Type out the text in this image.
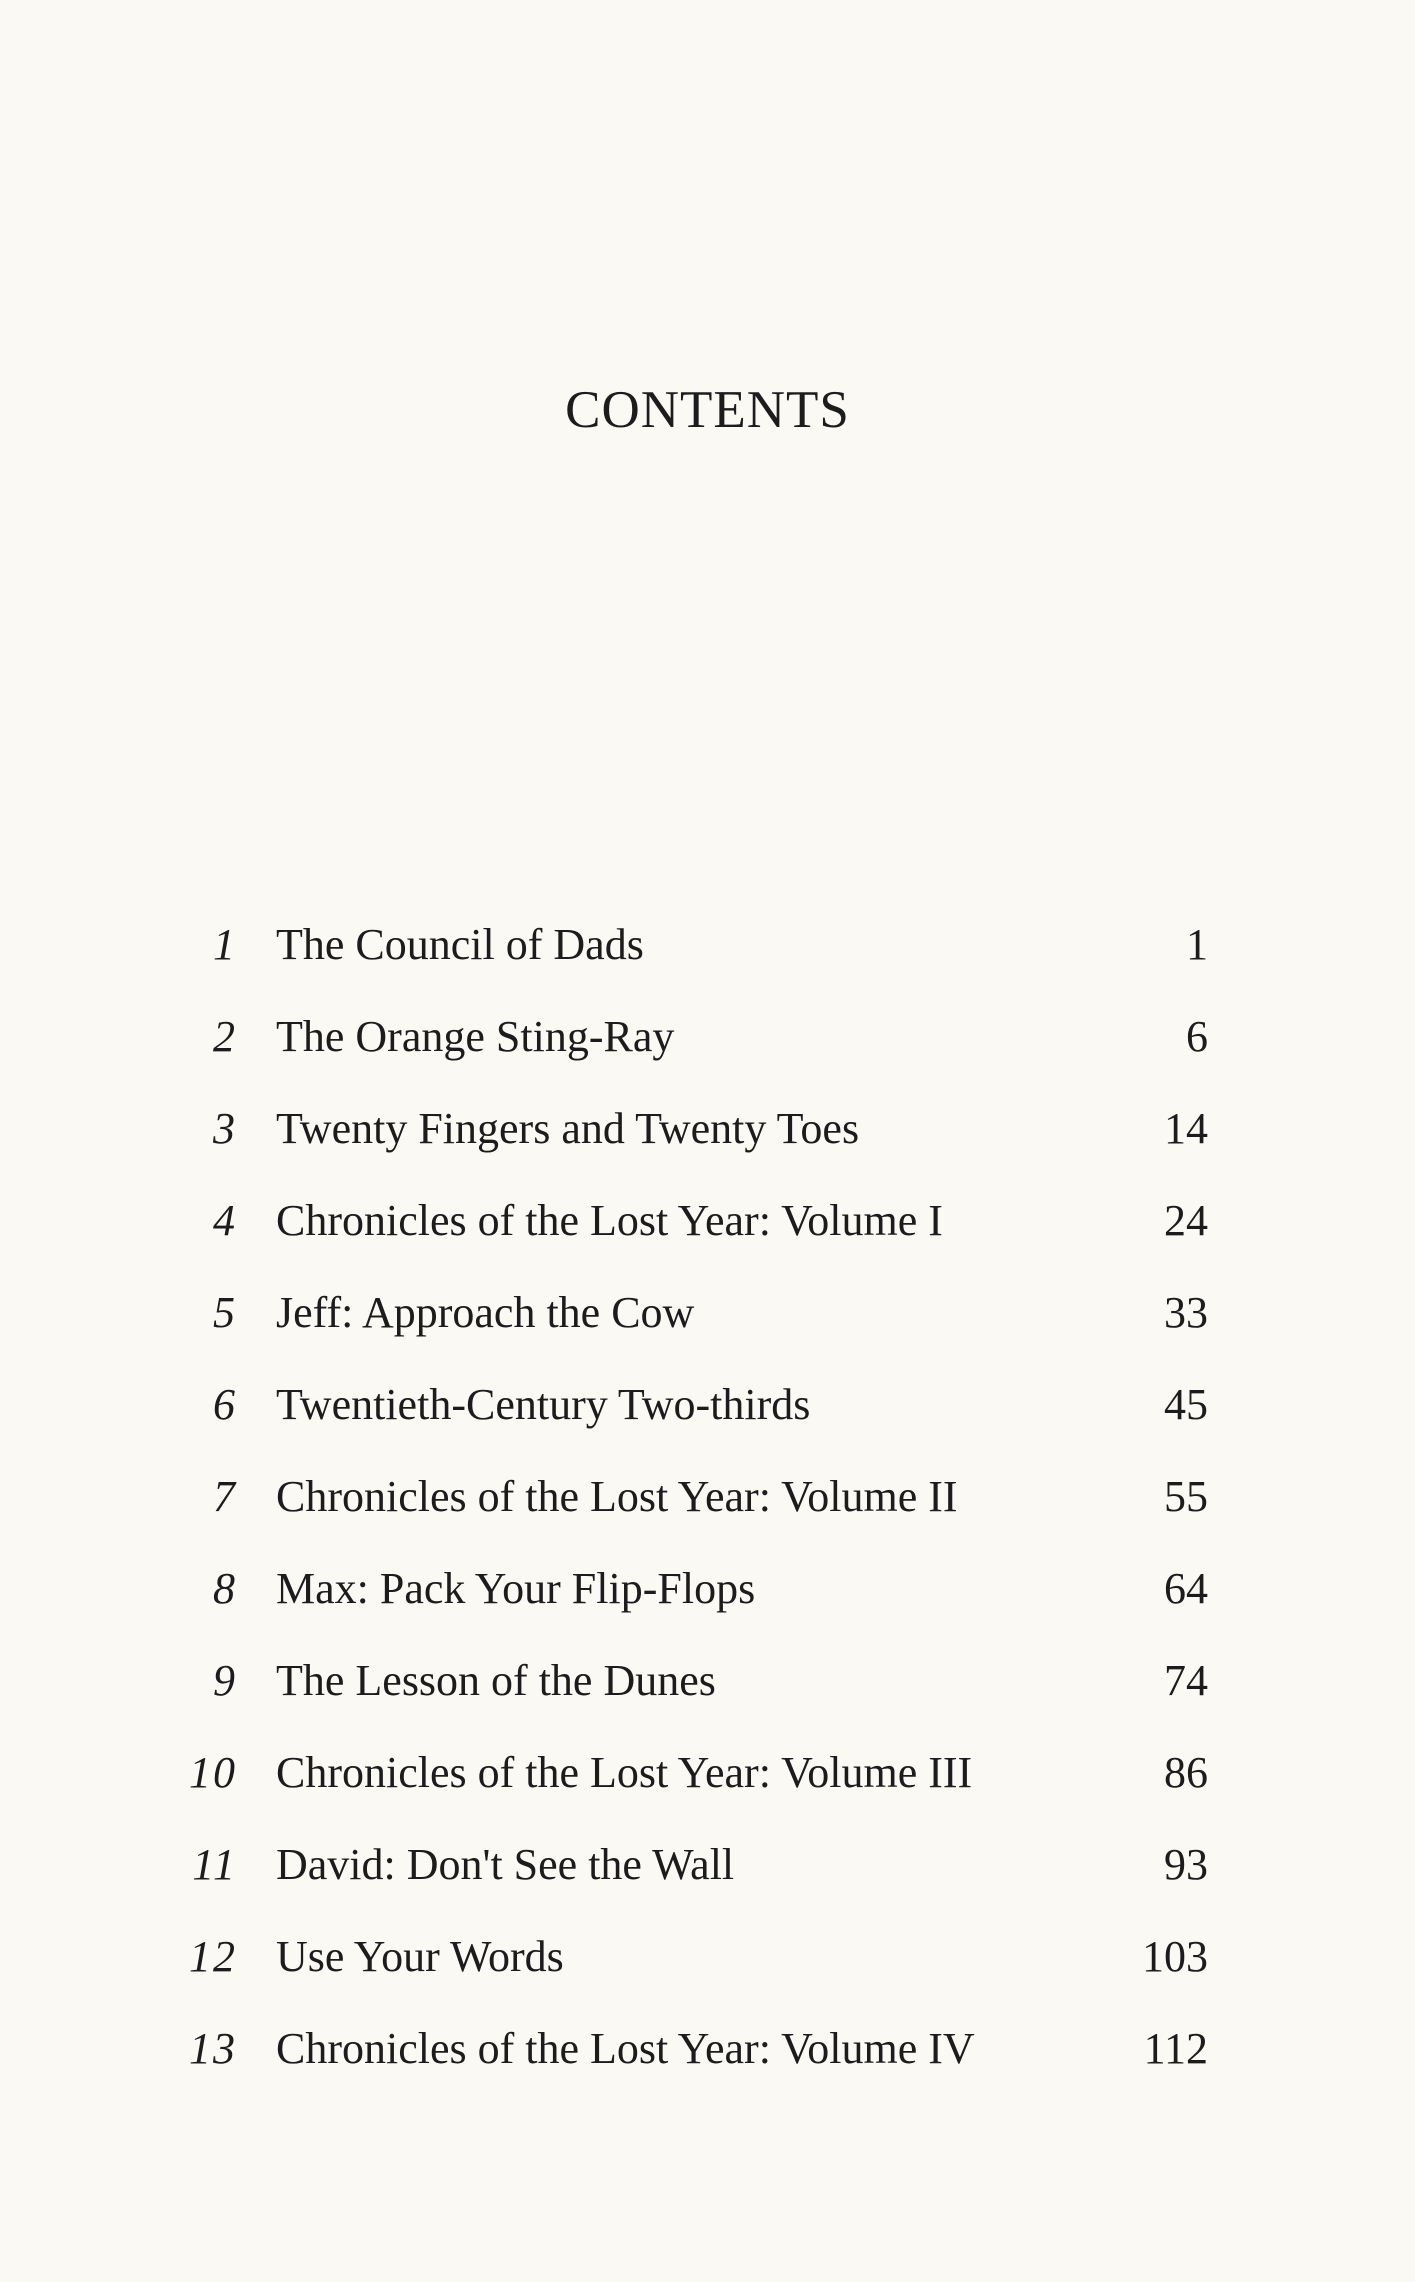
CONTENTS
1 The Council of Dads	1
2 The Orange Sting-Ray	6
3 Twenty Fingers and Twenty Toes	14
4 Chronicles of the Lost Year: Volume I	24
5 Jeff: Approach the Cow	33
6 Twentieth-Century Two-thirds	45
7 Chronicles of the Lost Year: Volume II	55
8 Max: Pack Your Flip-Flops	64
9 The Lesson of the Dunes	74
10 Chronicles of the Lost Year: Volume III	86
11 David: Don't See the Wall	93
12 Use Your Words	103
13 Chronicles of the Lost Year: Volume IV	112
